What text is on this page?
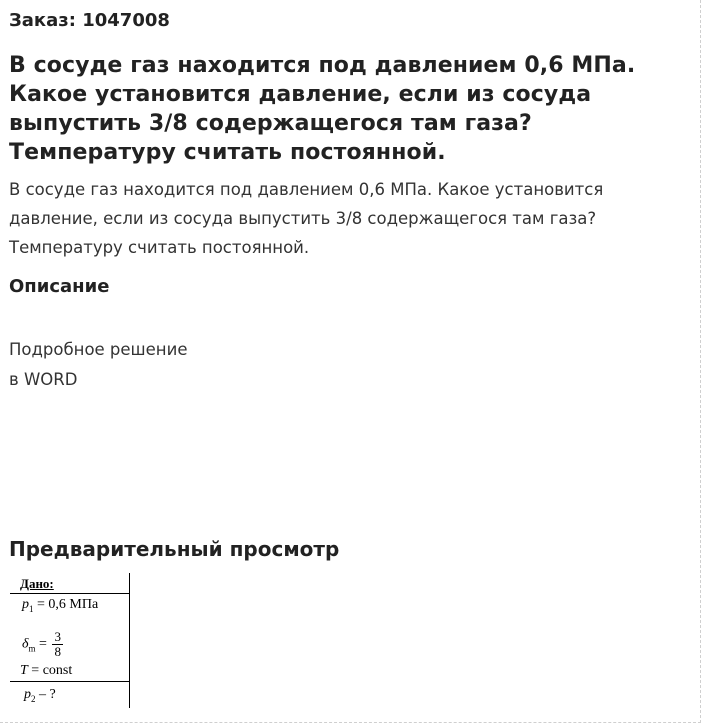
Заказ: 1047008
В сосуде газ находится под давлением 0,6 МПа. Какое установится давление, если из сосуда выпустить 3/8 содержащегося там газа? Температуру считать постоянной.
В сосуде газ находится под давлением 0,6 МПа. Какое установится давление, если из сосуда выпустить 3/8 содержащегося там газа? Температуру считать постоянной.
Описание
Подробное решение
в WORD
Предварительный просмотр
Дано:
$p_1 = 0,6$ МПа
$\delta_m = \frac{3}{8}$
T = const
$p_2$ – ?
